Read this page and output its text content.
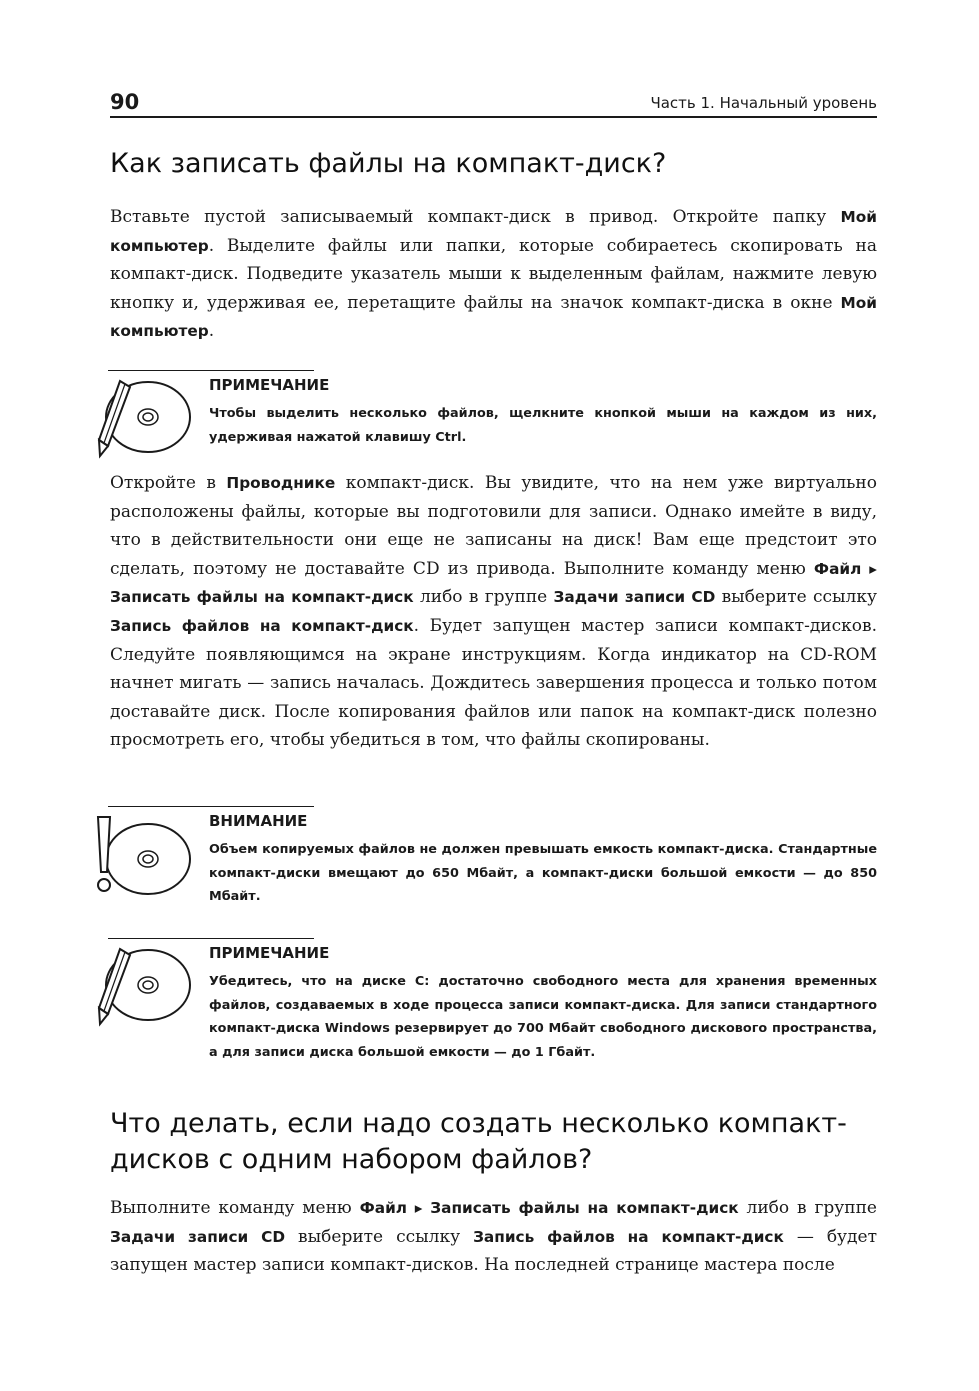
90	Часть 1. Начальный уровень
Как записать файлы на компакт-диск?

Вставьте пустой записываемый компакт-диск в привод. Откройте папку Мой компьютер. Выделите файлы или папки, которые собираетесь скопировать на компакт-диск. Подведите указатель мыши к выделенным файлам, нажмите левую кнопку и, удерживая ее, перетащите файлы на значок компакт-диска в окне Мой компьютер.

ПРИМЕЧАНИЕ

Чтобы выделить несколько файлов, щелкните кнопкой мыши на каждом из них, удерживая нажатой клавишу Ctrl.

Откройте в Проводнике компакт-диск. Вы увидите, что на нем уже виртуально расположены файлы, которые вы подготовили для записи. Однако имейте в виду, что в действительности они еще не записаны на диск! Вам еще предстоит это сделать, поэтому не доставайте CD из привода. Выполните команду меню Файл ▸ Записать файлы на компакт-диск либо в группе Задачи записи CD выберите ссылку Запись файлов на компакт-диск. Будет запущен мастер записи компакт-дисков. Следуйте появляющимся на экране инструкциям. Когда индикатор на CD-ROM начнет мигать — запись началась. Дождитесь завершения процесса и только потом доставайте диск. После копирования файлов или папок на компакт-диск полезно просмотреть его, чтобы убедиться в том, что файлы скопированы.

ВНИМАНИЕ

Объем копируемых файлов не должен превышать емкость компакт-диска. Стандартные компакт-диски вмещают до 650 Мбайт, а компакт-диски большой емкости — до 850 Мбайт.

ПРИМЕЧАНИЕ

Убедитесь, что на диске C: достаточно свободного места для хранения временных файлов, создаваемых в ходе процесса записи компакт-диска. Для записи стандартного компакт-диска Windows резервирует до 700 Мбайт свободного дискового пространства, а для записи диска большой емкости — до 1 Гбайт.

Что делать, если надо создать несколько компакт-дисков с одним набором файлов?

Выполните команду меню Файл ▸ Записать файлы на компакт-диск либо в группе Задачи записи CD выберите ссылку Запись файлов на компакт-диск — будет запущен мастер записи компакт-дисков. На последней странице мастера после
